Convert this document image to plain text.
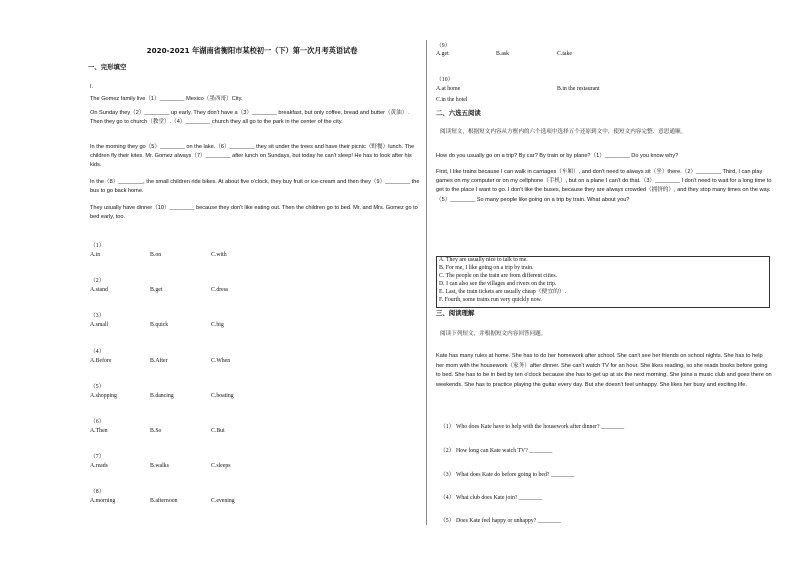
2020-2021 年湖南省衡阳市某校初一（下）第一次月考英语试卷
一、完形填空
I.
The Gomez family live（1）________ Mexico（墨西哥）City.
On Sunday they（2）________ up early. They don't have a（3）________ breakfast, but only coffee, bread and butter（黄油）. Then they go to church（教堂）.（4）________ church they all go to the park in the center of the city.
In the morning they go（5）________ on the lake.（6）________ they sit under the trees and have their picnic（野餐）lunch. The children fly their kites. Mr. Gomez always（7）________ after lunch on Sundays, but today he can't sleep! He has to look after his kids.
In the（8）________, the small children ride bikes. At about five o'clock, they buy fruit or ice-cream and then they（9）________ the bus to go back home.
They usually have dinner（10）________ because they don't like eating out. Then the children go to bed. Mr. and Mrs. Gomez go to bed early, too.
（1）
A.in	B.on	C.with
（2）
A.stand	B.get	C.dress
（3）
A.small	B.quick	C.big
（4）
A.Before	B.After	C.When
（5）
A.shopping	B.dancing	C.boating
（6）
A.Then	B.So	C.But
（7）
A.reads	B.walks	C.sleeps
（8）
A.morning	B.afternoon	C.evening
（9）
A.get	B.ask	C.take
（10）
A.at home	B.in the restaurant
C.in the hotel
二、六选五阅读
阅读短文，根据短文内容从方框内的六个选项中选择五个还原到文中，使短文内容完整、意思通顺。
How do you usually go on a trip? By car? By train or by plane?（1）________ Do you know why?
First, I like trains because I can walk in carriages（车厢）, and don't need to always sit（坐）there.（2）________ Third, I can play games on my computer or on my cellphone（手机）, but on a plane I can't do that.（3）________ I don't need to wait for a long time to get to the place I want to go. I don't like the buses, because they are always crowded（拥挤的）, and they stop many times on the way.（5）________ So many people like going on a trip by train. What about you?
A. They are usually nice to talk to me.
B. For me, I like going on a trip by train.
C. The people on the train are from different cities.
D. I can also see the villages and rivers on the trip.
E. Last, the train tickets are usually cheap（便宜的）.
F. Fourth, some trains run very quickly now.
三、阅读理解
阅读下列短文，并根据短文内容回答问题。
Kate has many rules at home. She has to do her homework after school. She can't see her friends on school nights. She has to help her mom with the housework（家务）after dinner. She can't watch TV for an hour. She likes reading, so she reads books before going to bed. She has to be in bed by ten o'clock because she has to get up at six the next morning. She joins a music club and goes there on weekends. She has to practice playing the guitar every day. But she doesn't feel unhappy. She likes her busy and exciting life.
（1） Who does Kate have to help with the housework after dinner? ________
（2） How long can Kate watch TV? ________
（3） What does Kate do before going to bed? ________
（4） What club does Kate join? ________
（5） Does Kate feel happy or unhappy? ________
